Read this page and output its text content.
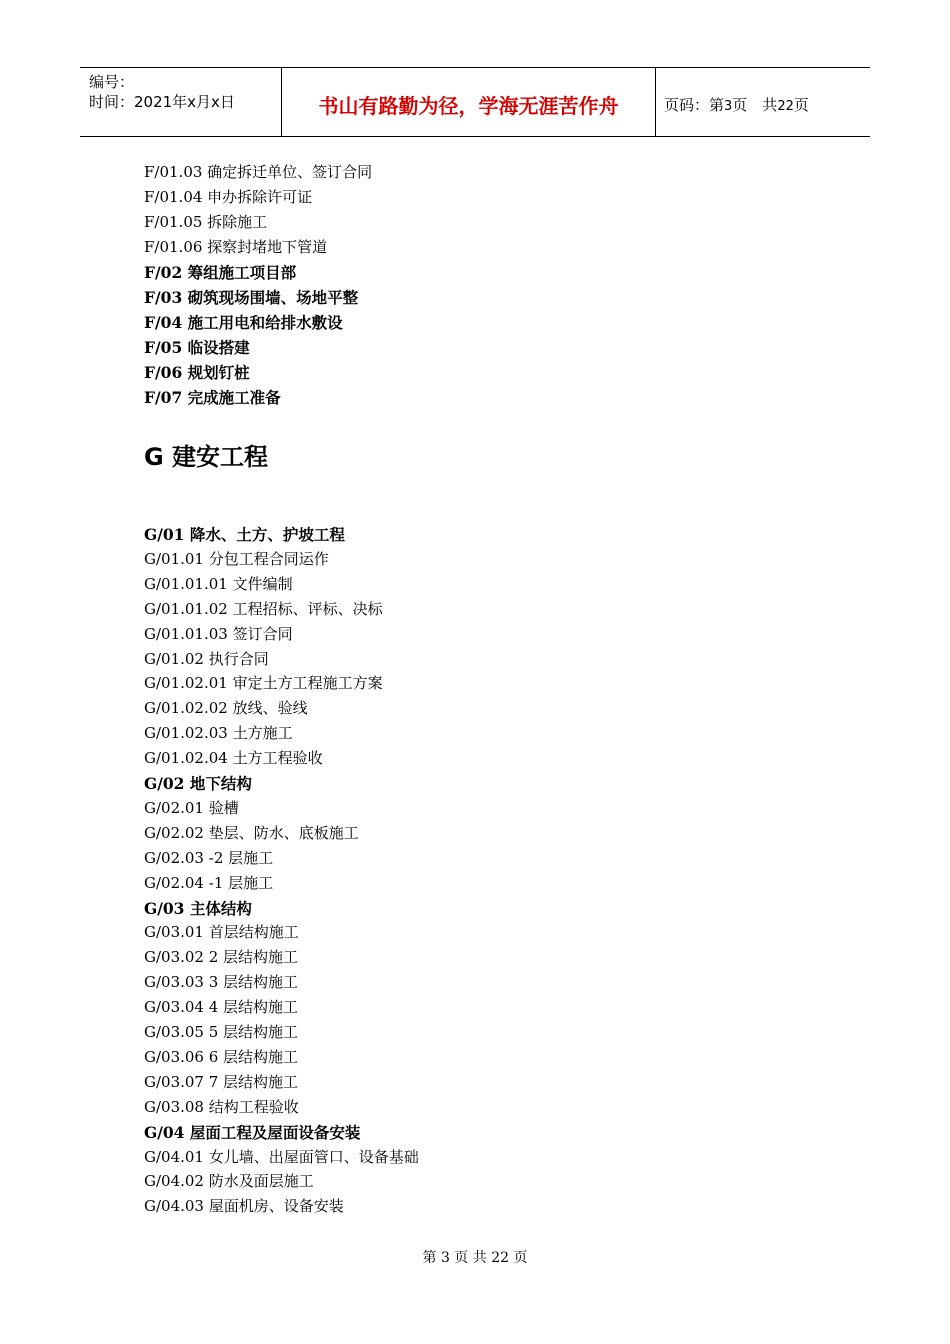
编号：
时间：2021年x月x日	书山有路勤为径，学海无涯苦作舟	页码：第3页　共22页
F/01.03 确定拆迁单位、签订合同
F/01.04 申办拆除许可证
F/01.05 拆除施工
F/01.06 探察封堵地下管道
F/02 筹组施工项目部
F/03 砌筑现场围墙、场地平整
F/04 施工用电和给排水敷设
F/05 临设搭建
F/06 规划钉桩
F/07 完成施工准备
G/01 降水、土方、护坡工程
G/01.01 分包工程合同运作
G/01.01.01 文件编制
G/01.01.02 工程招标、评标、决标
G/01.01.03 签订合同
G/01.02 执行合同
G/01.02.01 审定土方工程施工方案
G/01.02.02 放线、验线
G/01.02.03 土方施工
G/01.02.04 土方工程验收
G/02 地下结构
G/02.01 验槽
G/02.02 垫层、防水、底板施工
G/02.03 -2 层施工
G/02.04 -1 层施工
G/03 主体结构
G/03.01 首层结构施工
G/03.02 2 层结构施工
G/03.03 3 层结构施工
G/03.04 4 层结构施工
G/03.05 5 层结构施工
G/03.06 6 层结构施工
G/03.07 7 层结构施工
G/03.08 结构工程验收
G/04 屋面工程及屋面设备安装
G/04.01 女儿墙、出屋面管口、设备基础
G/04.02 防水及面层施工
G/04.03 屋面机房、设备安装
G 建安工程
第 3 页 共 22 页
